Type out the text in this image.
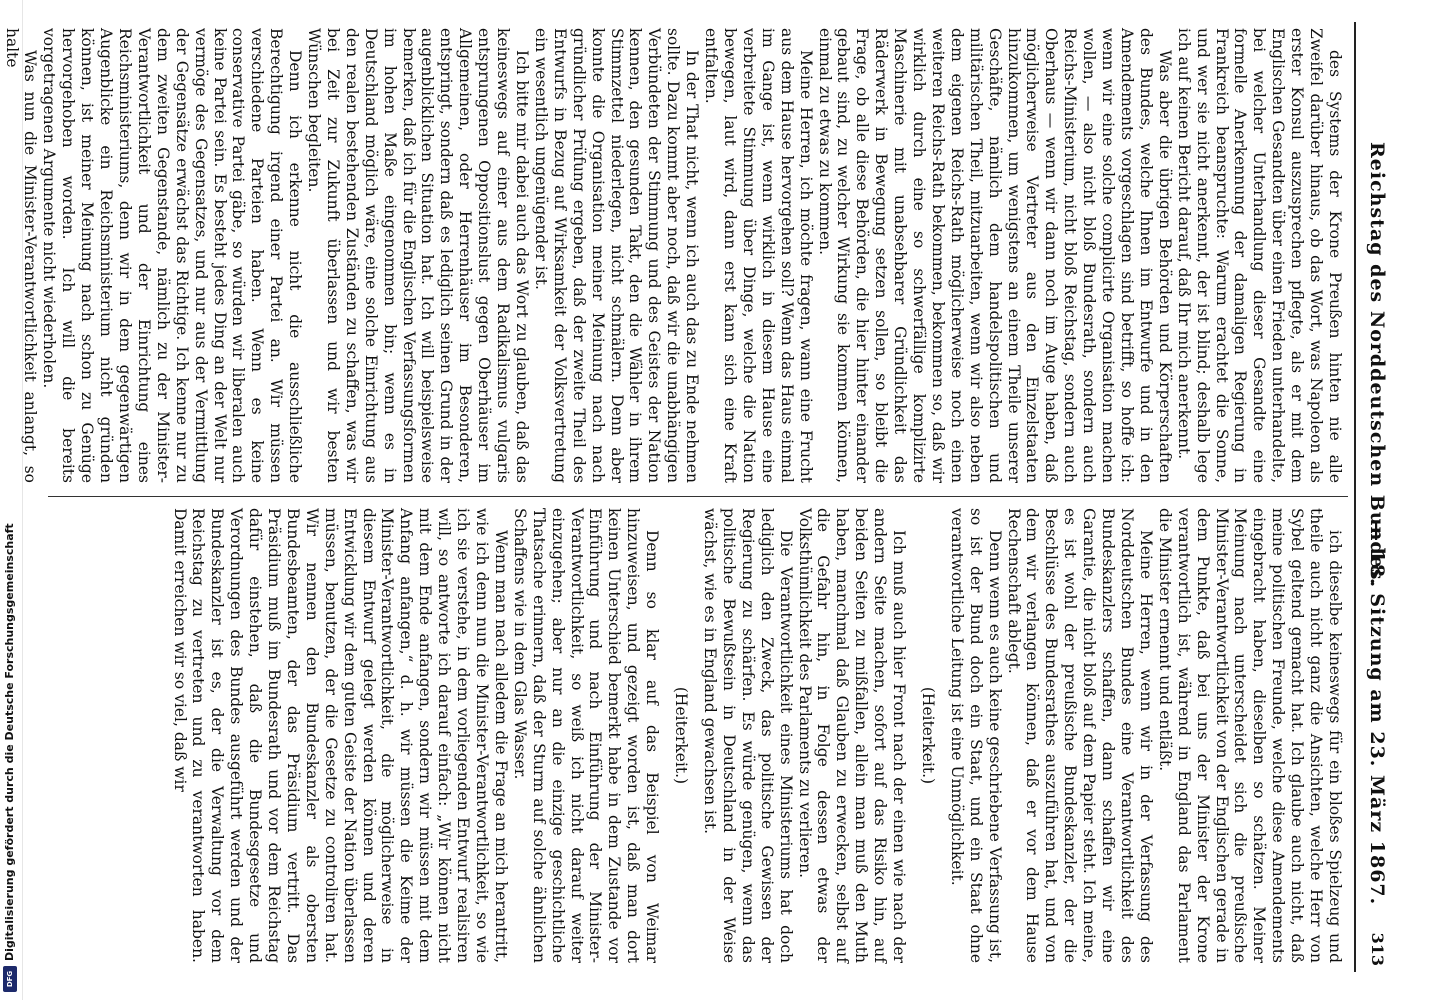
Digitalisierung gefördert durch die Deutsche Forschungsgemeinschaft
DFG
Reichstag des Norddeutschen Bundes.
— 18. Sitzung am 23. März 1867.
313

des Systems der Krone Preußen hinten nie alle Zweifel darüber hinaus, ob das Wort, was Napoleon als erster Konsul auszusprechen pflegte, als er mit dem Englischen Gesandten über einen Frieden unterhandelte, bei welcher Unterhandlung dieser Gesandte eine formelle Anerkennung der damaligen Regierung in Frankreich beanspruchte: Warum erachtet die Sonne, und wer sie nicht anerkennt, der ist blind; deshalb lege ich auf keinen Bericht darauf, daß Ihr mich anerkennt.

Was aber die übrigen Behörden und Körperschaften des Bundes, welche Ihnen im Entwurfe und in den Amendements vorgeschlagen sind betrifft, so hoffe ich: wenn wir eine solche complicirte Organisation machen wollen, — also nicht bloß Bundesrath, sondern auch Reichs-Ministerium, nicht bloß Reichstag, sondern auch Oberhaus — wenn wir dann noch im Auge haben, daß möglicherweise Vertreter aus den Einzelstaaten hinzukommen, um wenigstens an einem Theile unserer Geschäfte, nämlich dem handelspolitischen und militärischen Theil, mitzuarbeiten, wenn wir also neben dem eigenen Reichs-Rath möglicherweise noch einen weiteren Reichs-Rath bekommen, bekommen so, daß wir wirklich durch eine so schwerfällige komplizirte Maschinerie mit unabsehbarer Gründlichkeit das Räderwerk in Bewegung setzen sollen, so bleibt die Frage, ob alle diese Behörden, die hier hinter einander gebaut sind, zu welcher Wirkung sie kommen können, einmal zu etwas zu kommen.

Meine Herren, ich möchte fragen, wann eine Frucht aus dem Hause hervorgehen soll? Wenn das Haus einmal im Gange ist, wenn wirklich in diesem Hause eine verbreitete Stimmung über Dinge, welche die Nation bewegen, laut wird, dann erst kann sich eine Kraft entfalten.

In der That nicht, wenn ich auch das zu Ende nehmen sollte. Dazu kommt aber noch, daß wir die unabhängigen Verbündeten der Stimmung und des Geistes der Nation kennen, den gesunden Takt, den die Wähler in ihrem Stimmzettel niederlegen, nicht schmälern. Denn aber konnte die Organisation meiner Meinung nach nach gründlicher Prüfung ergeben, daß der zweite Theil des Entwurfs in Bezug auf Wirksamkeit der Volksvertretung ein wesentlich ungenügender ist.

Ich bitte mir dabei auch das Wort zu glauben, daß das keineswegs auf einer aus dem Radikalismus vulgaris entsprungenen Oppositionslust gegen Oberhäuser im Allgemeinen, oder Herrenhäuser im Besonderen, entspringt, sondern daß es lediglich seinen Grund in der augenblicklichen Situation hat. Ich will beispielsweise bemerken, daß ich für die Englischen Verfassungsformen im hohen Maße eingenommen bin; wenn es in Deutschland möglich wäre, eine solche Einrichtung aus den realen bestehenden Zuständen zu schaffen, was wir bei Zeit zur Zukunft überlassen und wir besten Wünschen begleiten.

Denn ich erkenne nicht die ausschließliche Berechtigung irgend einer Partei an. Wir müssen verschiedene Parteien haben. Wenn es keine conservative Partei gäbe, so würden wir liberalen auch keine Partei sein. Es besteht jedes Ding an der Welt nur vermöge des Gegensatzes, und nur aus der Vermittlung der Gegensätze erwächst das Richtige. Ich kenne nur zu dem zweiten Gegenstande, nämlich zu der Minister-Verantwortlichkeit und der Einrichtung eines Reichsministeriums, denn wir in dem gegenwärtigen Augenblicke ein Reichsministerium nicht gründen können, ist meiner Meinung nach schon zu Genüge hervorgehoben worden. Ich will die bereits vorgetragenen Argumente nicht wiederholen.

Was nun die Minister-Verantwortlichkeit anlangt, so halte

ich dieselbe keineswegs für ein bloßes Spielzeug und theile auch nicht ganz die Ansichten, welche Herr von Sybel geltend gemacht hat. Ich glaube auch nicht, daß meine politischen Freunde, welche diese Amendements eingebracht haben, dieselben so schätzen. Meiner Meinung nach unterscheidet sich die preußische Minister-Verantwortlichkeit von der Englischen gerade in dem Punkte, daß bei uns der Minister der Krone verantwortlich ist, während in England das Parlament die Minister ernennt und entläßt.

Meine Herren, wenn wir in der Verfassung des Norddeutschen Bundes eine Verantwortlichkeit des Bundeskanzlers schaffen, dann schaffen wir eine Garantie, die nicht bloß auf dem Papier steht. Ich meine, es ist wohl der preußische Bundeskanzler, der die Beschlüsse des Bundesrathes auszuführen hat, und von dem wir verlangen können, daß er vor dem Hause Rechenschaft ablegt.

Denn wenn es auch keine geschriebene Verfassung ist, so ist der Bund doch ein Staat, und ein Staat ohne verantwortliche Leitung ist eine Unmöglichkeit.

(Heiterkeit.)

Ich muß auch hier Front nach der einen wie nach der andern Seite machen, sofort auf das Risiko hin, auf beiden Seiten zu mißfallen, allein man muß den Muth haben, manchmal daß Glauben zu erwecken, selbst auf die Gefahr hin, in Folge dessen etwas der Volksthümlichkeit des Parlaments zu verlieren.

Die Verantwortlichkeit eines Ministeriums hat doch lediglich den Zweck, das politische Gewissen der Regierung zu schärfen. Es würde genügen, wenn das politische Bewußtsein in Deutschland in der Weise wächst, wie es in England gewachsen ist.

(Heiterkeit.)

Denn so klar auf das Beispiel von Weimar hinzuweisen, und gezeigt worden ist, daß man dort keinen Unterschied bemerkt habe in dem Zustande vor Einführung und nach Einführung der Minister-Verantwortlichkeit, so weiß ich nicht darauf weiter einzugehen; aber nur an die einzige geschichtliche Thatsache erinnern, daß der Sturm auf solche ähnlichen Schaffens wie in dem Glas Wasser.

Wenn man nach alledem die Frage an mich herantritt, wie ich denn nun die Minister-Verantwortlichkeit, so wie ich sie verstehe, in dem vorliegenden Entwurf realisiren will, so antworte ich darauf einfach: „Wir können nicht mit dem Ende anfangen, sondern wir müssen mit dem Anfang anfangen,“ d. h. wir müssen die Keime der Minister-Verantwortlichkeit, die möglicherweise in diesem Entwurf gelegt werden können und deren Entwicklung wir dem guten Geiste der Nation überlassen müssen, benutzen, der die Gesetze zu controliren hat. Wir nennen den Bundeskanzler als obersten Bundesbeamten, der das Präsidium vertritt. Das Präsidium muß im Bundesrath und vor dem Reichstag dafür einstehen, daß die Bundesgesetze und Verordnungen des Bundes ausgeführt werden und der Bundeskanzler ist es, der die Verwaltung vor dem Reichstag zu vertreten und zu verantworten haben. Damit erreichen wir so viel, daß wir
